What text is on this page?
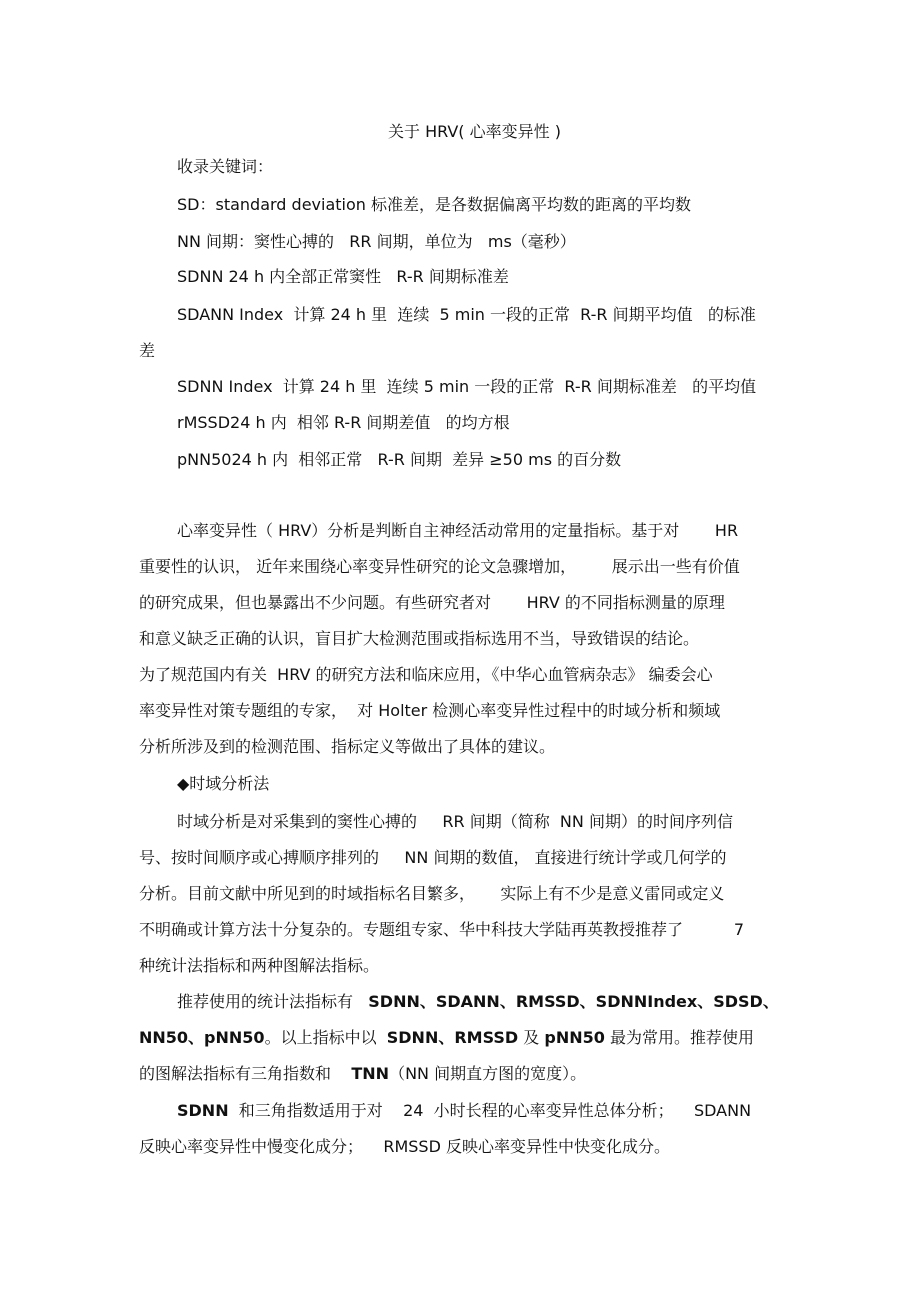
关于 HRV( 心率变异性 )
收录关键词：
SD：standard deviation 标准差，是各数据偏离平均数的距离的平均数
NN 间期：窦性心搏的   RR 间期，单位为   ms（毫秒）
SDNN 24 h 内全部正常窦性   R-R 间期标准差
SDANN Index  计算 24 h 里  连续  5 min 一段的正常  R-R 间期平均值   的标准
差
SDNN Index  计算 24 h 里  连续 5 min 一段的正常  R-R 间期标准差   的平均值
rMSSD24 h 内  相邻 R-R 间期差值   的均方根
pNN5024 h 内  相邻正常   R-R 间期  差异 ≥50 ms 的百分数
心率变异性（ HRV）分析是判断自主神经活动常用的定量指标。基于对       HR
重要性的认识， 近年来围绕心率变异性研究的论文急骤增加，       展示出一些有价值
的研究成果，但也暴露出不少问题。有些研究者对       HRV 的不同指标测量的原理
和意义缺乏正确的认识，盲目扩大检测范围或指标选用不当，导致错误的结论。
为了规范国内有关  HRV 的研究方法和临床应用，《中华心血管病杂志》 编委会心
率变异性对策专题组的专家，  对 Holter 检测心率变异性过程中的时域分析和频域
分析所涉及到的检测范围、指标定义等做出了具体的建议。
◆时域分析法
时域分析是对采集到的窦性心搏的     RR 间期（简称  NN 间期）的时间序列信
号、按时间顺序或心搏顺序排列的     NN 间期的数值， 直接进行统计学或几何学的
分析。目前文献中所见到的时域指标名目繁多，     实际上有不少是意义雷同或定义
不明确或计算方法十分复杂的。专题组专家、华中科技大学陆再英教授推荐了          7
种统计法指标和两种图解法指标。
推荐使用的统计法指标有   SDNN、SDANN、RMSSD、SDNNIndex、SDSD、
NN50、pNN50。以上指标中以  SDNN、RMSSD 及 pNN50 最为常用。推荐使用
的图解法指标有三角指数和    TNN（NN 间期直方图的宽度）。
SDNN  和三角指数适用于对    24  小时长程的心率变异性总体分析；    SDANN
反映心率变异性中慢变化成分；    RMSSD 反映心率变异性中快变化成分。
